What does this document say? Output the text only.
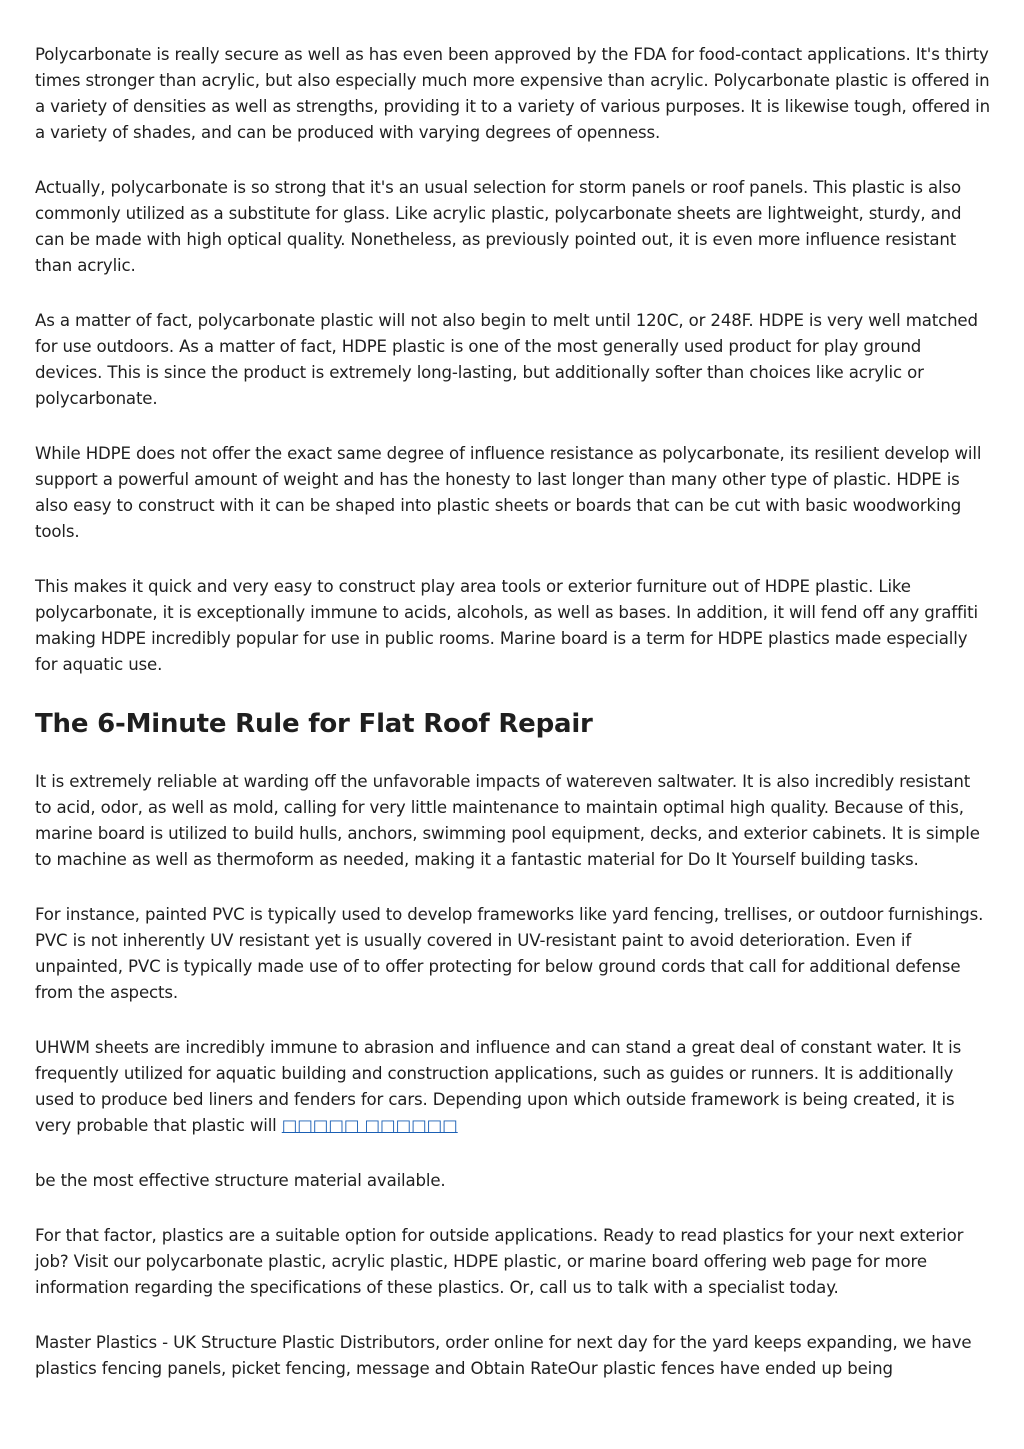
Polycarbonate is really secure as well as has even been approved by the FDA for food-contact applications. It's thirty times stronger than acrylic, but also especially much more expensive than acrylic. Polycarbonate plastic is offered in a variety of densities as well as strengths, providing it to a variety of various purposes. It is likewise tough, offered in a variety of shades, and can be produced with varying degrees of openness.

Actually, polycarbonate is so strong that it's an usual selection for storm panels or roof panels. This plastic is also commonly utilized as a substitute for glass. Like acrylic plastic, polycarbonate sheets are lightweight, sturdy, and can be made with high optical quality. Nonetheless, as previously pointed out, it is even more influence resistant than acrylic.

As a matter of fact, polycarbonate plastic will not also begin to melt until 120C, or 248F. HDPE is very well matched for use outdoors. As a matter of fact, HDPE plastic is one of the most generally used product for play ground devices. This is since the product is extremely long-lasting, but additionally softer than choices like acrylic or polycarbonate.

While HDPE does not offer the exact same degree of influence resistance as polycarbonate, its resilient develop will support a powerful amount of weight and has the honesty to last longer than many other type of plastic. HDPE is also easy to construct with it can be shaped into plastic sheets or boards that can be cut with basic woodworking tools.

This makes it quick and very easy to construct play area tools or exterior furniture out of HDPE plastic. Like polycarbonate, it is exceptionally immune to acids, alcohols, as well as bases. In addition, it will fend off any graffiti making HDPE incredibly popular for use in public rooms. Marine board is a term for HDPE plastics made especially for aquatic use.

The 6-Minute Rule for Flat Roof Repair

It is extremely reliable at warding off the unfavorable impacts of watereven saltwater. It is also incredibly resistant to acid, odor, as well as mold, calling for very little maintenance to maintain optimal high quality. Because of this, marine board is utilized to build hulls, anchors, swimming pool equipment, decks, and exterior cabinets. It is simple to machine as well as thermoform as needed, making it a fantastic material for Do It Yourself building tasks.

For instance, painted PVC is typically used to develop frameworks like yard fencing, trellises, or outdoor furnishings. PVC is not inherently UV resistant yet is usually covered in UV-resistant paint to avoid deterioration. Even if unpainted, PVC is typically made use of to offer protecting for below ground cords that call for additional defense from the aspects.

UHWM sheets are incredibly immune to abrasion and influence and can stand a great deal of constant water. It is frequently utilized for aquatic building and construction applications, such as guides or runners. It is additionally used to produce bed liners and fenders for cars. Depending upon which outside framework is being created, it is very probable that plastic will □□□□□ □□□□□□

be the most effective structure material available.

For that factor, plastics are a suitable option for outside applications. Ready to read plastics for your next exterior job? Visit our polycarbonate plastic, acrylic plastic, HDPE plastic, or marine board offering web page for more information regarding the specifications of these plastics. Or, call us to talk with a specialist today.

Master Plastics - UK Structure Plastic Distributors, order online for next day for the yard keeps expanding, we have plastics fencing panels, picket fencing, message and Obtain RateOur plastic fences have ended up being
